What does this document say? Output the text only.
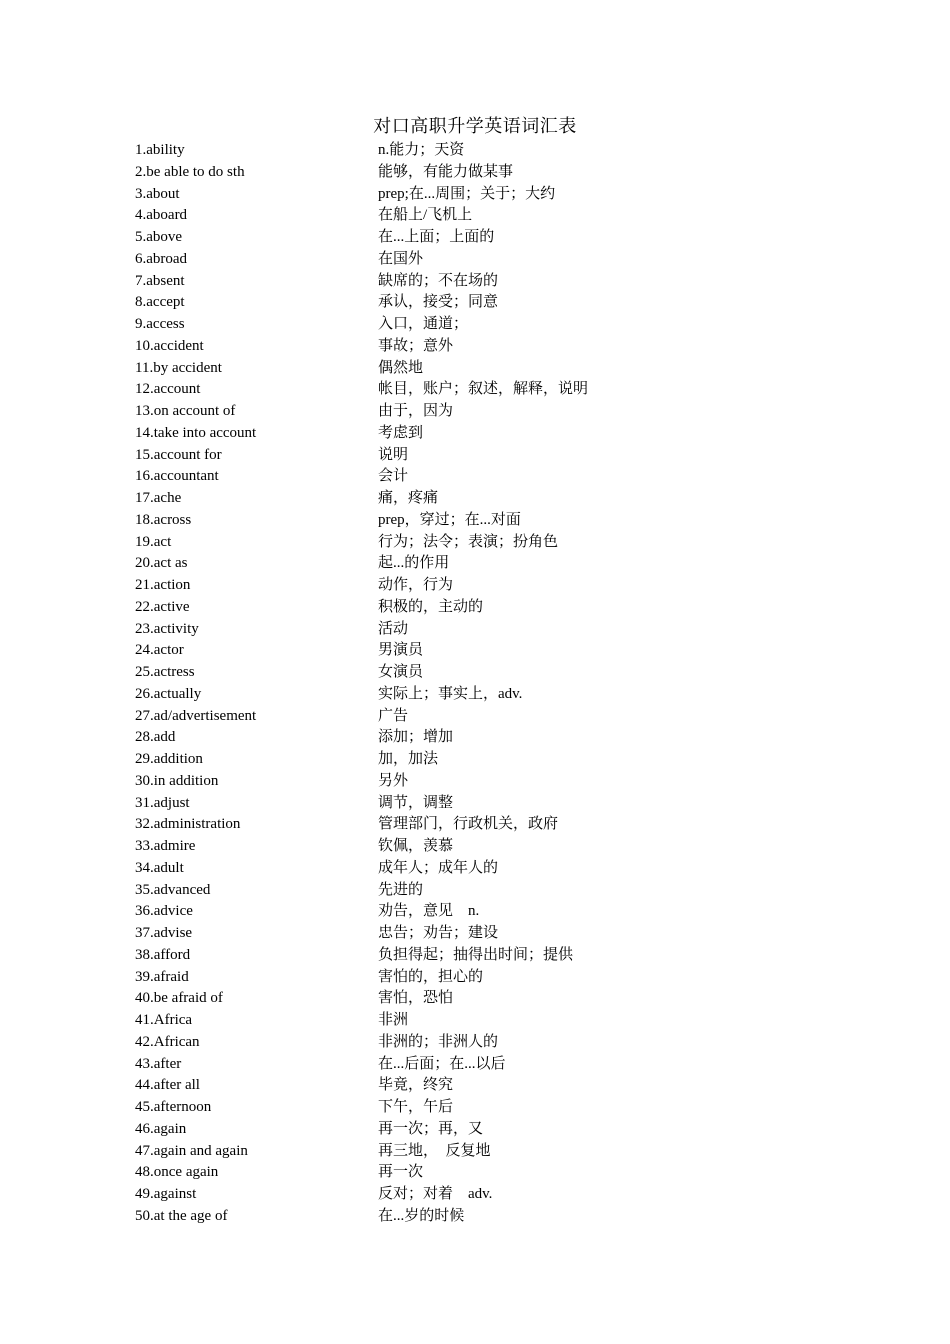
对口高职升学英语词汇表
1.ability	n.能力；天资
2.be able to do sth	能够，有能力做某事
3.about	prep;在...周围；关于；大约
4.aboard	在船上/飞机上
5.above	在...上面；上面的
6.abroad	在国外
7.absent	缺席的；不在场的
8.accept	承认，接受；同意
9.access	入口，通道；
10.accident	事故；意外
11.by accident	偶然地
12.account	帐目，账户；叙述，解释，说明
13.on account of	由于，因为
14.take into account	考虑到
15.account for	说明
16.accountant	会计
17.ache	痛，疼痛
18.across	prep，穿过；在...对面
19.act	行为；法令；表演；扮角色
20.act as	起...的作用
21.action	动作，行为
22.active	积极的，主动的
23.activity	活动
24.actor	男演员
25.actress	女演员
26.actually	实际上；事实上，adv.
27.ad/advertisement	广告
28.add	添加；增加
29.addition	加，加法
30.in addition	另外
31.adjust	调节，调整
32.administration	管理部门，行政机关，政府
33.admire	钦佩，羡慕
34.adult	成年人；成年人的
35.advanced	先进的
36.advice	劝告，意见　n.
37.advise	忠告；劝告；建设
38.afford	负担得起；抽得出时间；提供
39.afraid	害怕的，担心的
40.be afraid of	害怕，恐怕
41.Africa	非洲
42.African	非洲的；非洲人的
43.after	在...后面；在...以后
44.after all	毕竟，终究
45.afternoon	下午，午后
46.again	再一次；再，又
47.again and again	再三地，　反复地
48.once again	再一次
49.against	反对；对着　adv.
50.at the age of	在...岁的时候
